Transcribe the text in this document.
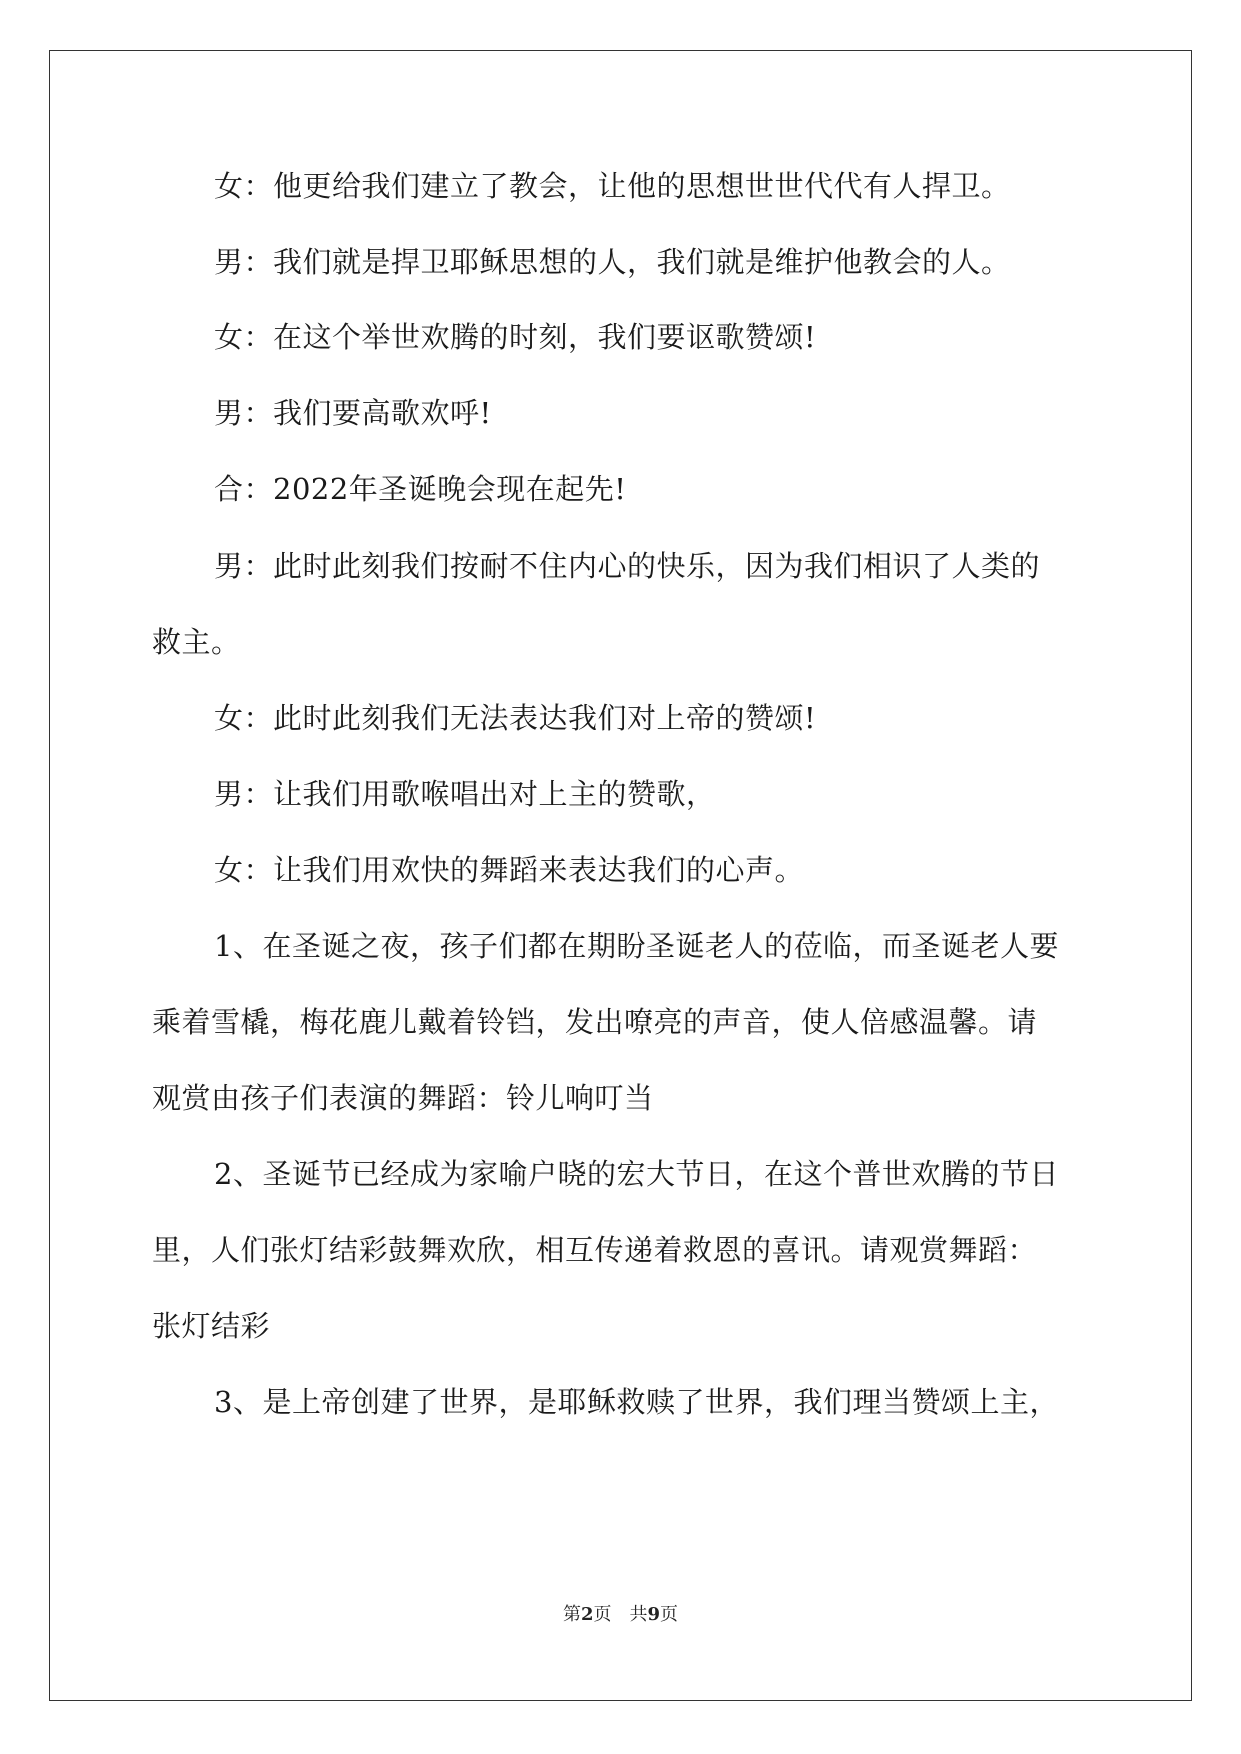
女：他更给我们建立了教会，让他的思想世世代代有人捍卫。
男：我们就是捍卫耶稣思想的人，我们就是维护他教会的人。
女：在这个举世欢腾的时刻，我们要讴歌赞颂!
男：我们要高歌欢呼!
合：2022年圣诞晚会现在起先!
男：此时此刻我们按耐不住内心的快乐，因为我们相识了人类的
救主。
女：此时此刻我们无法表达我们对上帝的赞颂!
男：让我们用歌喉唱出对上主的赞歌，
女：让我们用欢快的舞蹈来表达我们的心声。
1、在圣诞之夜，孩子们都在期盼圣诞老人的莅临，而圣诞老人要
乘着雪橇，梅花鹿儿戴着铃铛，发出嘹亮的声音，使人倍感温馨。请
观赏由孩子们表演的舞蹈：铃儿响叮当
2、圣诞节已经成为家喻户晓的宏大节日，在这个普世欢腾的节日
里，人们张灯结彩鼓舞欢欣，相互传递着救恩的喜讯。请观赏舞蹈：
张灯结彩
3、是上帝创建了世界，是耶稣救赎了世界，我们理当赞颂上主，
第2页　共9页
